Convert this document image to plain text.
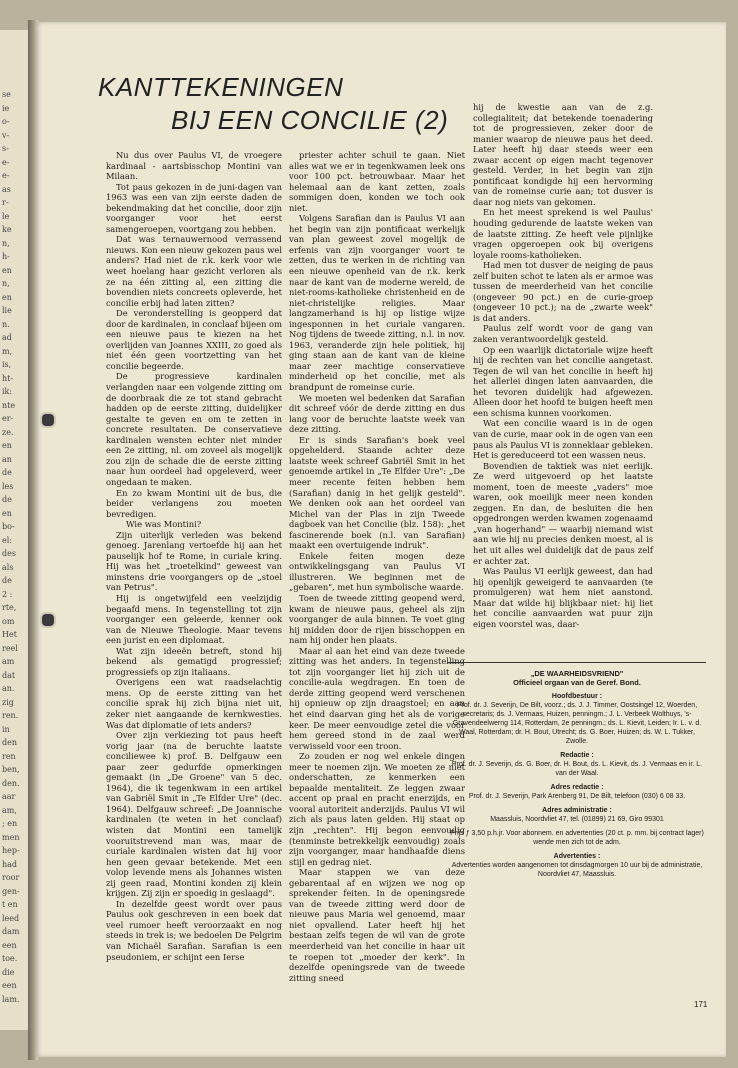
se
ie
o-
v-
s-
e-
e-
as
r-
le
ke
n,
h-
en
n,
en
lie
n.
ad
m,
is,
ht-
ik:
nte
er-
ze.
en
an
de
les
de
en
bo-
el:
des
als
de
2 :
rte,
om
Het
reel
am
dat
an.
zig
ren.
in
den
ren
ben,
den.
aar
am,
; en
men
hep-
had
roor
gen-
t en
leed
dam
een
toe.
die
een
lam.
KANTTEKENINGEN
BIJ EEN CONCILIE (2)

Nu dus over Paulus VI, de vroegere kardinaal - aartsbisschop Montini van Milaan.

Tot paus gekozen in de juni-dagen van 1963 was een van zijn eerste daden de bekendmaking dat het concilie, door zijn voorganger voor het eerst samengeroepen, voortgang zou hebben.

Dat was ternauwernood verrassend nieuws. Kon een nieuw gekozen paus wel anders? Had niet de r.k. kerk voor wie weet hoelang haar gezicht verloren als ze na één zitting al, een zitting die bovendien niets concreets opleverde, het concilie erbij had laten zitten?

De veronderstelling is geopperd dat door de kardinalen, in conclaaf bijeen om een nieuwe paus te kiezen na het overlijden van Joannes XXIII, zo goed als niet één geen voortzetting van het concilie begeerde.

De progressieve kardinalen verlangden naar een volgende zitting om de doorbraak die ze tot stand gebracht hadden op de eerste zitting, duidelijker gestalte te geven en om te zetten in concrete resultaten. De conservatieve kardinalen wensten echter niet minder een 2e zitting, nl. om zoveel als mogelijk zou zijn de schade die de eerste zitting naar hun oordeel had opgeleverd, weer ongedaan te maken.

En zo kwam Montini uit de bus, die beider verlangens zou moeten bevredigen.

Wie was Montini?

Zijn uiterlijk verleden was bekend genoeg. Jarenlang vertoefde hij aan het pauselijk hof te Rome, in curiale kring. Hij was het „troetelkind" geweest van minstens drie voorgangers op de „stoel van Petrus".

Hij is ongetwijfeld een veelzijdig begaafd mens. In tegenstelling tot zijn voorganger een geleerde, kenner ook van de Nieuwe Theologie. Maar tevens een jurist en een diplomaat.

Wat zijn ideeën betreft, stond hij bekend als gematigd progressief; progressiefs op zijn italiaans.

Overigens een wat raadselachtig mens. Op de eerste zitting van het concilie sprak hij zich bijna niet uit, zeker niet aangaande de kernkwesties. Was dat diplomatie of iets anders?

Over zijn verkiezing tot paus heeft vorig jaar (na de beruchte laatste conciliewee k) prof. B. Delfgauw een paar zeer gedurfde opmerkingen gemaakt (in „De Groene" van 5 dec. 1964), die ik tegenkwam in een artikel van Gabriël Smit in „Te Elfder Ure" (dec. 1964). Delfgauw schreef: „De Joannische kardinalen (te weten in het conclaaf) wisten dat Montini een tamelijk vooruitstrevend man was, maar de curiale kardinalen wisten dat hij voor hen geen gevaar betekende. Met een volop levende mens als Johannes wisten zij geen raad, Montini konden zij klein krijgen. Zij zijn er spoedig in geslaagd".

In dezelfde geest wordt over paus Paulus ook geschreven in een boek dat veel rumoer heeft veroorzaakt en nog steeds in trek is; we bedoelen De Pelgrim van Michaël Sarafian. Sarafian is een pseudoniem, er schijnt een Ierse

priester achter schuil te gaan. Niet alles wat we er in tegenkwamen leek ons voor 100 pct. betrouwbaar. Maar het helemaal aan de kant zetten, zoals sommigen doen, konden we toch ook niet.

Volgens Sarafian dan is Paulus VI aan het begin van zijn pontificaat werkelijk van plan geweest zovel mogelijk de erfenis van zijn voorganger voort te zetten, dus te werken in de richting van een nieuwe openheid van de r.k. kerk naar de kant van de moderne wereld, de niet-rooms-katholieke christenheid en de niet-christelijke religies. Maar langzamerhand is hij op listige wijze ingesponnen in het curiale vangaren. Nog tijdens de tweede zitting, n.l. in nov. 1963, veranderde zijn hele politiek, hij ging staan aan de kant van de kleine maar zeer machtige conservatieve minderheid op het concilie, met als brandpunt de romeinse curie.

We moeten wel bedenken dat Sarafian dit schreef vóór de derde zitting en dus lang voor de beruchte laatste week van deze zitting.

Er is sinds Sarafian's boek veel opgehelderd. Staande achter deze laatste week schreef Gabriël Smit in het genoemde artikel in „Te Elfder Ure": „De meer recente feiten hebben hem (Sarafian) danig in het gelijk gesteld". We denken ook aan het oordeel van Michel van der Plas in zijn Tweede dagboek van het Concilie (blz. 158): „het fascinerende boek (n.l. van Sarafian) maakt een overtuigende indruk".

Enkele feiten mogen deze ontwikkelingsgang van Paulus VI illustreren. We beginnen met de „gebaren", met hun symbolische waarde.

Toen de tweede zitting geopend werd, kwam de nieuwe paus, geheel als zijn voorganger de aula binnen. Te voet ging hij midden door de rijen bisschoppen en nam hij onder hen plaats.

Maar al aan het eind van deze tweede zitting was het anders. In tegenstelling tot zijn voorganger liet hij zich uit de concilie-aula wegdragen. En toen de derde zitting geopend werd verschenen hij opnieuw op zijn draagstoel; en aan het eind daarvan ging het als de vorige keer. De meer eenvoudige zetel die voor hem gereed stond in de zaal werd verwisseld voor een troon.

Zo zouden er nog wel enkele dingen meer te noemen zijn. We moeten ze niet onderschatten, ze kenmerken een bepaalde mentaliteit. Ze leggen zwaar accent op praal en pracht enerzijds, en vooral autoriteit anderzijds. Paulus VI wil zich als paus laten gelden. Hij staat op zijn „rechten". Hij begon eenvoudig (tenminste betrekkelijk eenvoudig) zoals zijn voorganger, maar handhaafde diens stijl en gedrag niet.

Maar stappen we van deze gebarentaal af en wijzen we nog op sprekender feiten. In de openingsrede van de tweede zitting werd door de nieuwe paus Maria wel genoemd, maar niet opvallend. Later heeft hij het bestaan zelfs tegen de wil van de grote meerderheid van het concilie in haar uit te roepen tot „moeder der kerk". In dezelfde openingsrede van de tweede zitting sneed

hij de kwestie aan van de z.g. collegialiteit; dat betekende toenadering tot de progressieven, zeker door de manier waarop de nieuwe paus het deed. Later heeft hij daar steeds weer een zwaar accent op eigen macht tegenover gesteld. Verder, in het begin van zijn pontificaat kondigde hij een hervorming van de romeinse curie aan; tot dusver is daar nog niets van gekomen.

En het meest sprekend is wel Paulus' houding gedurende de laatste weken van de laatste zitting. Ze heeft vele pijnlijke vragen opgeroepen ook bij overigens loyale rooms-katholieken.

Had men tot dusver de neiging de paus zelf buiten schot te laten als er armoe was tussen de meerderheid van het concilie (ongeveer 90 pct.) en de curie-groep (ongeveer 10 pct.); na de „zwarte week" is dat anders.

Paulus zelf wordt voor de gang van zaken verantwoordelijk gesteld.

Op een waarlijk dictatoriale wijze heeft hij de rechten van het concilie aangetast. Tegen de wil van het concilie in heeft hij het allerlei dingen laten aanvaarden, die het tevoren duidelijk had afgewezen. Alleen door het hoofd te buigen heeft men een schisma kunnen voorkomen.

Wat een concilie waard is in de ogen van de curie, maar ook in de ogen van een paus als Paulus VI is zonneklaar gebleken. Het is gereduceerd tot een wassen neus.

Bovendien de taktiek was niet eerlijk. Ze werd uitgevoerd op het laatste moment, toen de meeste „vaders" moe waren, ook moeilijk meer neen konden zeggen. En dan, de besluiten die hen opgedrongen werden kwamen zogenaamd „van hogerhand" — waarbij niemand wist aan wie hij nu precies denken moest, al is het uit alles wel duidelijk dat de paus zelf er achter zat.

Was Paulus VI eerlijk geweest, dan had hij openlijk geweigerd te aanvaarden (te promulgeren) wat hem niet aanstond. Maar dat wilde hij blijkbaar niet: hij liet het concilie aanvaarden wat puur zijn eigen voorstel was, daar-

„DE WAARHEIDSVRIEND"

Officieel orgaan van de Geref. Bond.

Hoofdbestuur :

Prof. dr. J. Severijn, De Bilt, voorz.; ds. J. J. Timmer, Oostsingel 12, Woerden, secretaris; ds. J. Vermaas, Huizen, penningm.; J. L. Verbeek Wolthuys, 's-Gravendeelwerng 114, Rotterdam, 2e penningm.; ds. L. Kievit, Leiden; Ir. L. v. d. Waal, Rotterdam; dr. H. Bout, Utrecht; ds. G. Boer, Huizen; ds. W. L. Tukker, Zwolle.

Redactie :

Prof. dr. J. Severijn, ds. G. Boer, dr. H. Bout, ds. L. Kievit, ds. J. Vermaas en ir. L. van der Waal.

Adres redactie :

Prof. dr. J. Severijn, Park Arenberg 91, De Bilt, telefoon (030) 6 08 33.

Adres administratie :

Maassluis, Noordvliet 47, tel. (01899) 21 69, Giro 99301

Prijs ƒ 3,50 p.h.jr. Voor abonnem. en advertenties (20 ct. p. mm. bij contract lager) wende men zich tot de adm.

Advertenties :

Advertenties worden aangenomen tot dinsdagmorgen 10 uur bij de administratie, Noordvliet 47, Maassluis.

171
